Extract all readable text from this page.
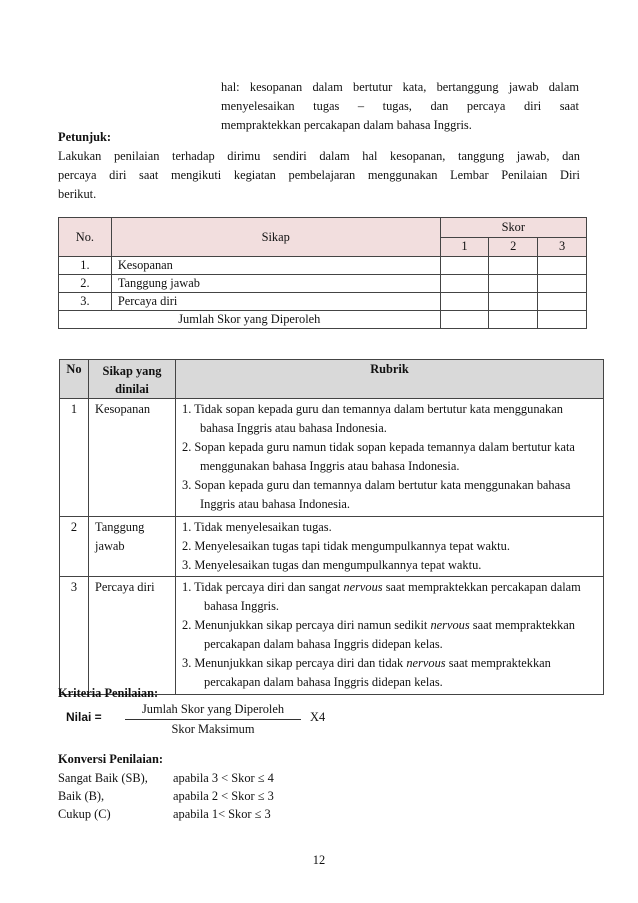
hal: kesopanan dalam bertutur kata, bertanggung jawab dalam
menyelesaikan tugas – tugas, dan percaya diri saat
mempraktekkan percakapan dalam bahasa Inggris.
Petunjuk:
Lakukan penilaian terhadap dirimu sendiri dalam hal kesopanan, tanggung jawab, dan
percaya diri saat mengikuti kegiatan pembelajaran menggunakan Lembar Penilaian Diri
berikut.
No.	Sikap	Skor		
		1	2	3
1.	Kesopanan			
2.	Tanggung jawab			
3.	Percaya diri			
Jumlah Skor yang Diperoleh				
No	Sikap yang dinilai	Rubrik
1	Kesopanan	1. Tidak sopan kepada guru dan temannya dalam bertutur kata menggunakan bahasa Inggris atau bahasa Indonesia.
2. Sopan kepada guru namun tidak sopan kepada temannya dalam bertutur kata menggunakan bahasa Inggris atau bahasa Indonesia.
3. Sopan kepada guru dan temannya dalam bertutur kata menggunakan bahasa Inggris atau bahasa Indonesia.

2	Tanggung jawab	1. Tidak menyelesaikan tugas.
2. Menyelesaikan tugas tapi tidak mengumpulkannya tepat waktu.
3. Menyelesaikan tugas dan mengumpulkannya tepat waktu.

3	Percaya diri	1. Tidak percaya diri dan sangat nervous saat mempraktekkan percakapan dalam bahasa Inggris.
2. Menunjukkan sikap percaya diri namun sedikit nervous saat mempraktekkan percakapan dalam bahasa Inggris didepan kelas.
3. Menunjukkan sikap percaya diri dan tidak nervous saat mempraktekkan percakapan dalam bahasa Inggris didepan kelas.
Kriteria Penilaian:
Nilai =
Jumlah Skor yang Diperoleh
Skor Maksimum
X4
Konversi Penilaian:
Sangat Baik (SB), apabila 3 < Skor ≤ 4
Baik (B),	apabila 2 < Skor ≤ 3
Cukup (C)	apabila 1< Skor ≤ 3
12
